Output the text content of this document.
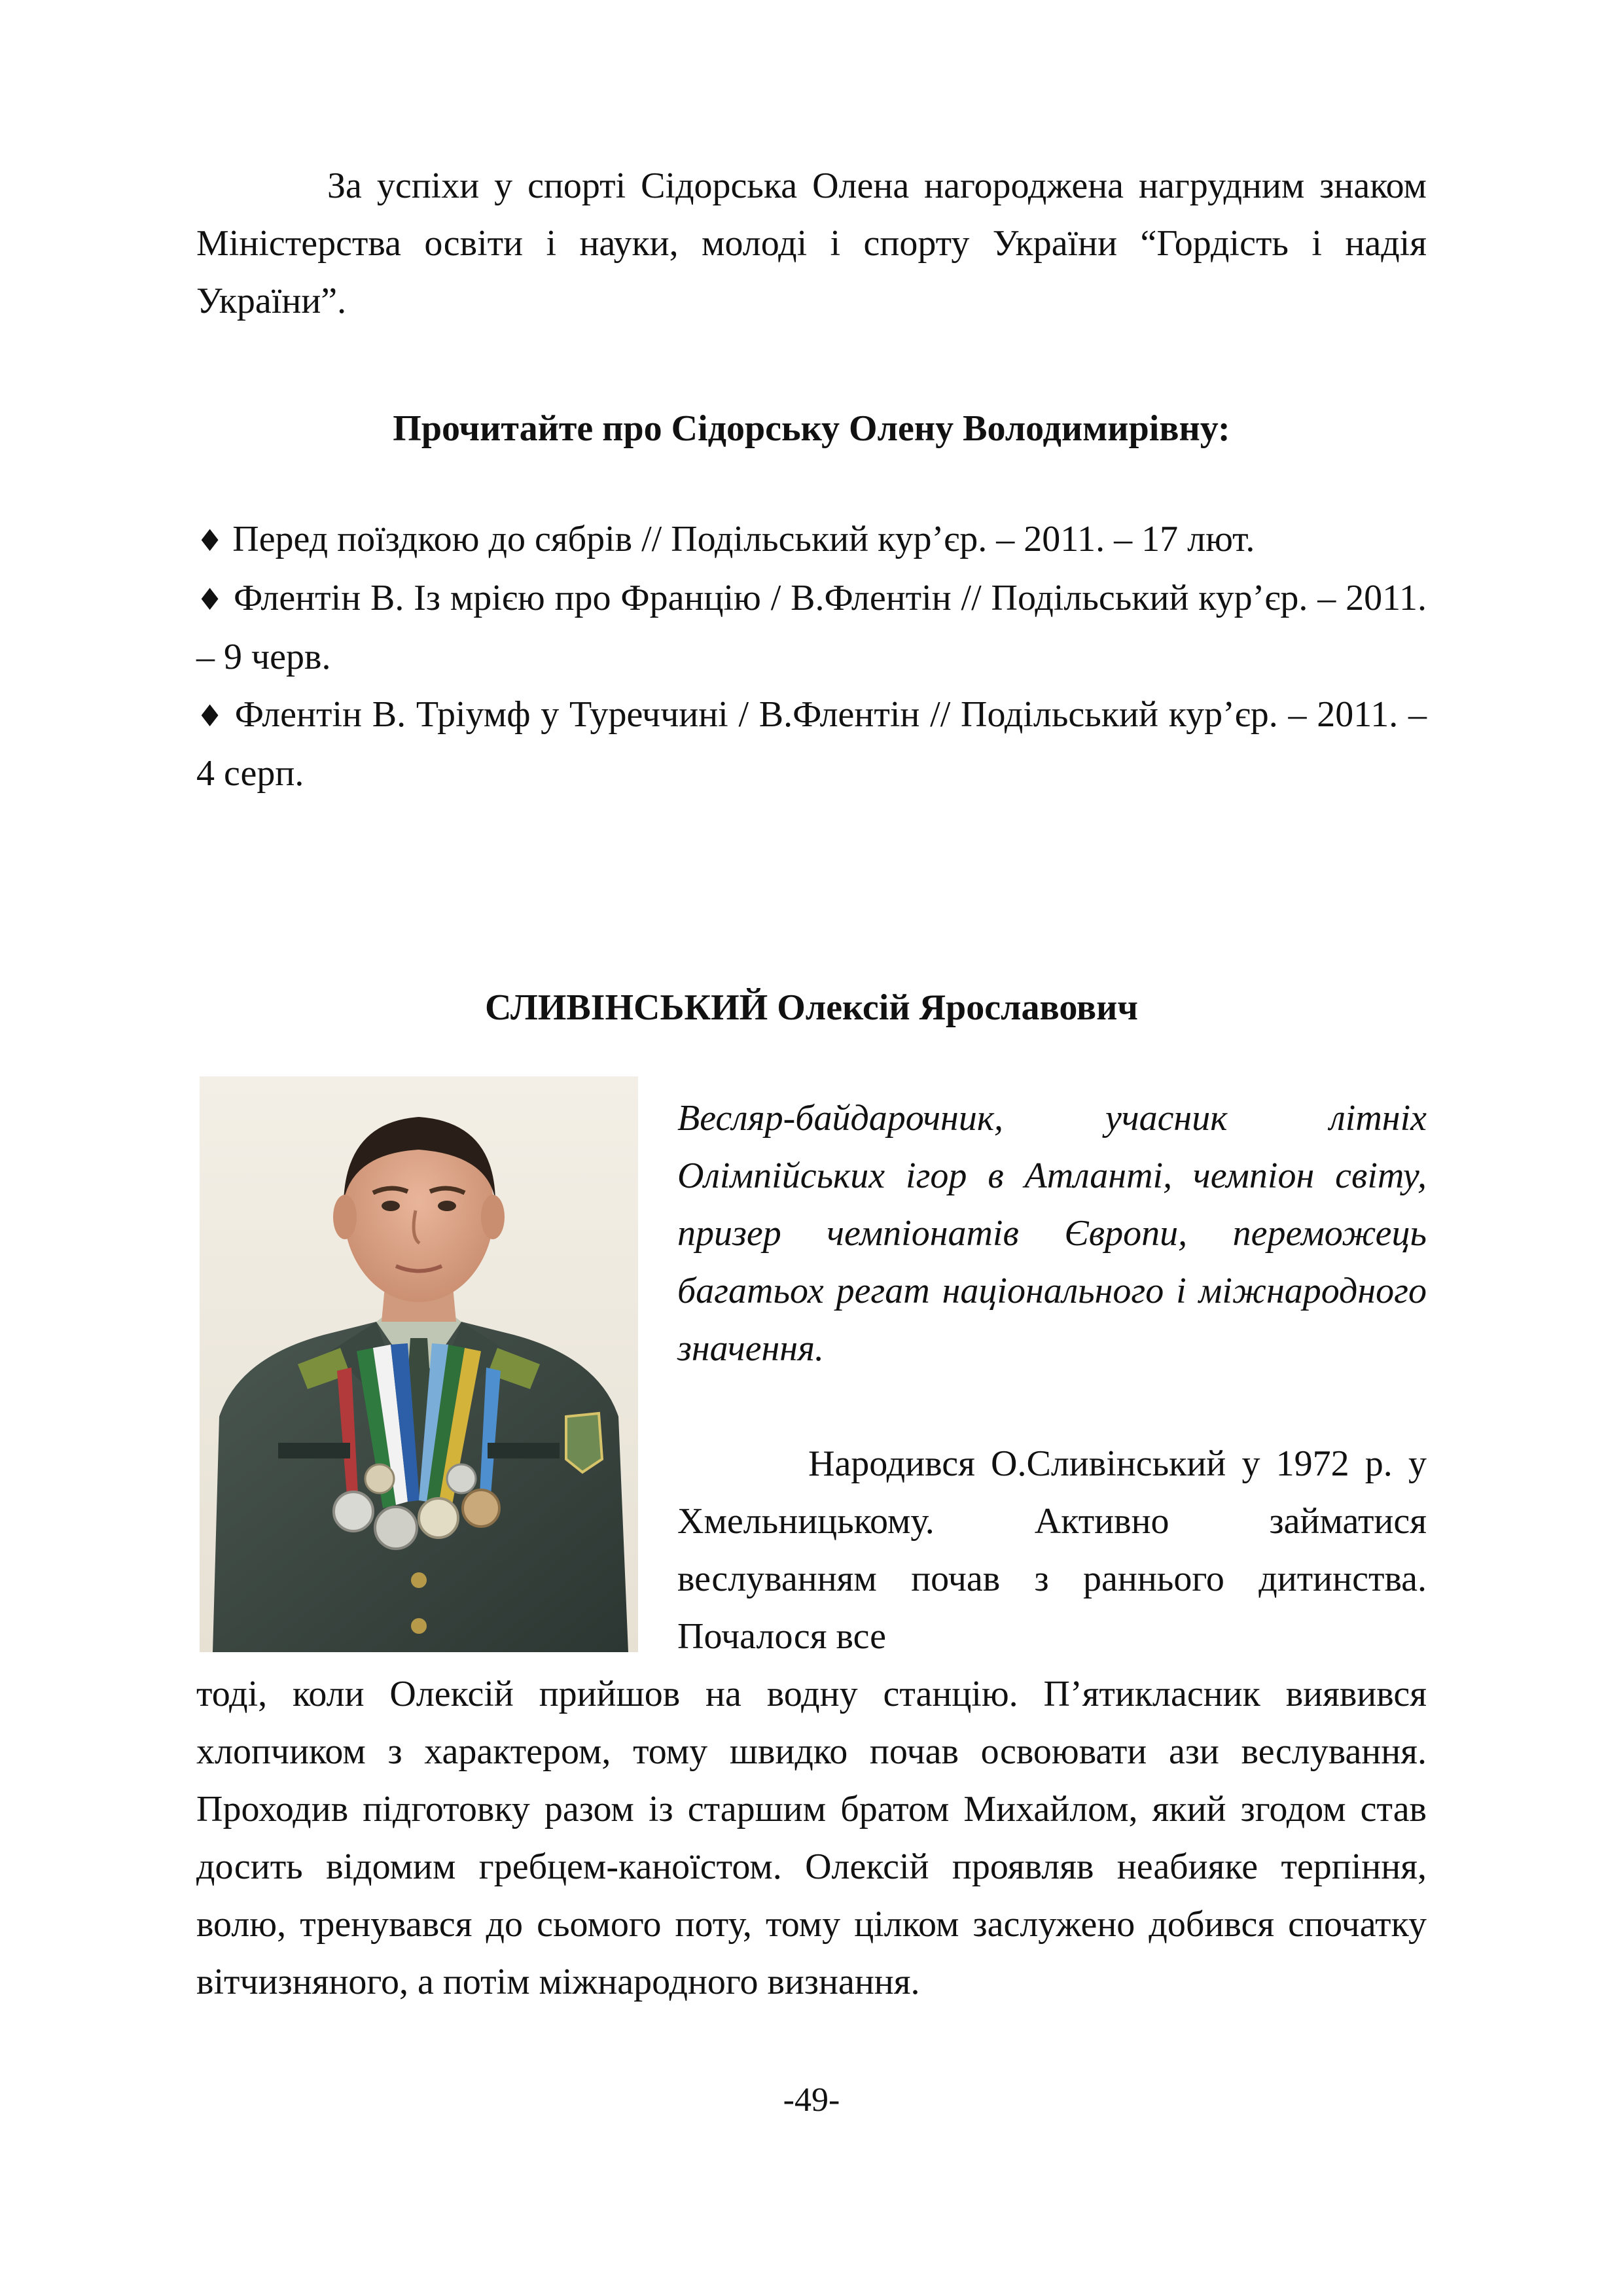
За успіхи у спорті Сідорська Олена нагороджена нагрудним знаком Міністерства освіти і науки, молоді і спорту України “Гордість і надія України”.

Прочитайте про Сідорську Олену Володимирівну:
♦ Перед поїздкою до сябрів // Подільський кур’єр. – 2011. – 17 лют.
♦ Флентін В. Із мрією про Францію / В.Флентін // Подільський кур’єр. – 2011. – 9 черв.
♦ Флентін В. Тріумф у Туреччині / В.Флентін // Подільський кур’єр. – 2011. – 4 серп.
СЛИВІНСЬКИЙ Олексій Ярославович

Весляр-байдарочник, учасник літніх Олімпійських ігор в Атланті, чемпіон світу, призер чемпіонатів Європи, переможець багатьох регат національного і міжнародного значення.

Народився О.Сливінський у 1972 р. у Хмельницькому. Активно займатися веслуванням почав з раннього дитинства. Почалося все

тоді, коли Олексій прийшов на водну станцію. П’ятикласник виявився хлопчиком з характером, тому швидко почав освоювати ази веслування. Проходив підготовку разом із старшим братом Михайлом, який згодом став досить відомим гребцем-каноїстом. Олексій проявляв неабияке терпіння, волю, тренувався до сьомого поту, тому цілком заслужено добився спочатку вітчизняного, а потім міжнародного визнання.

-49-
